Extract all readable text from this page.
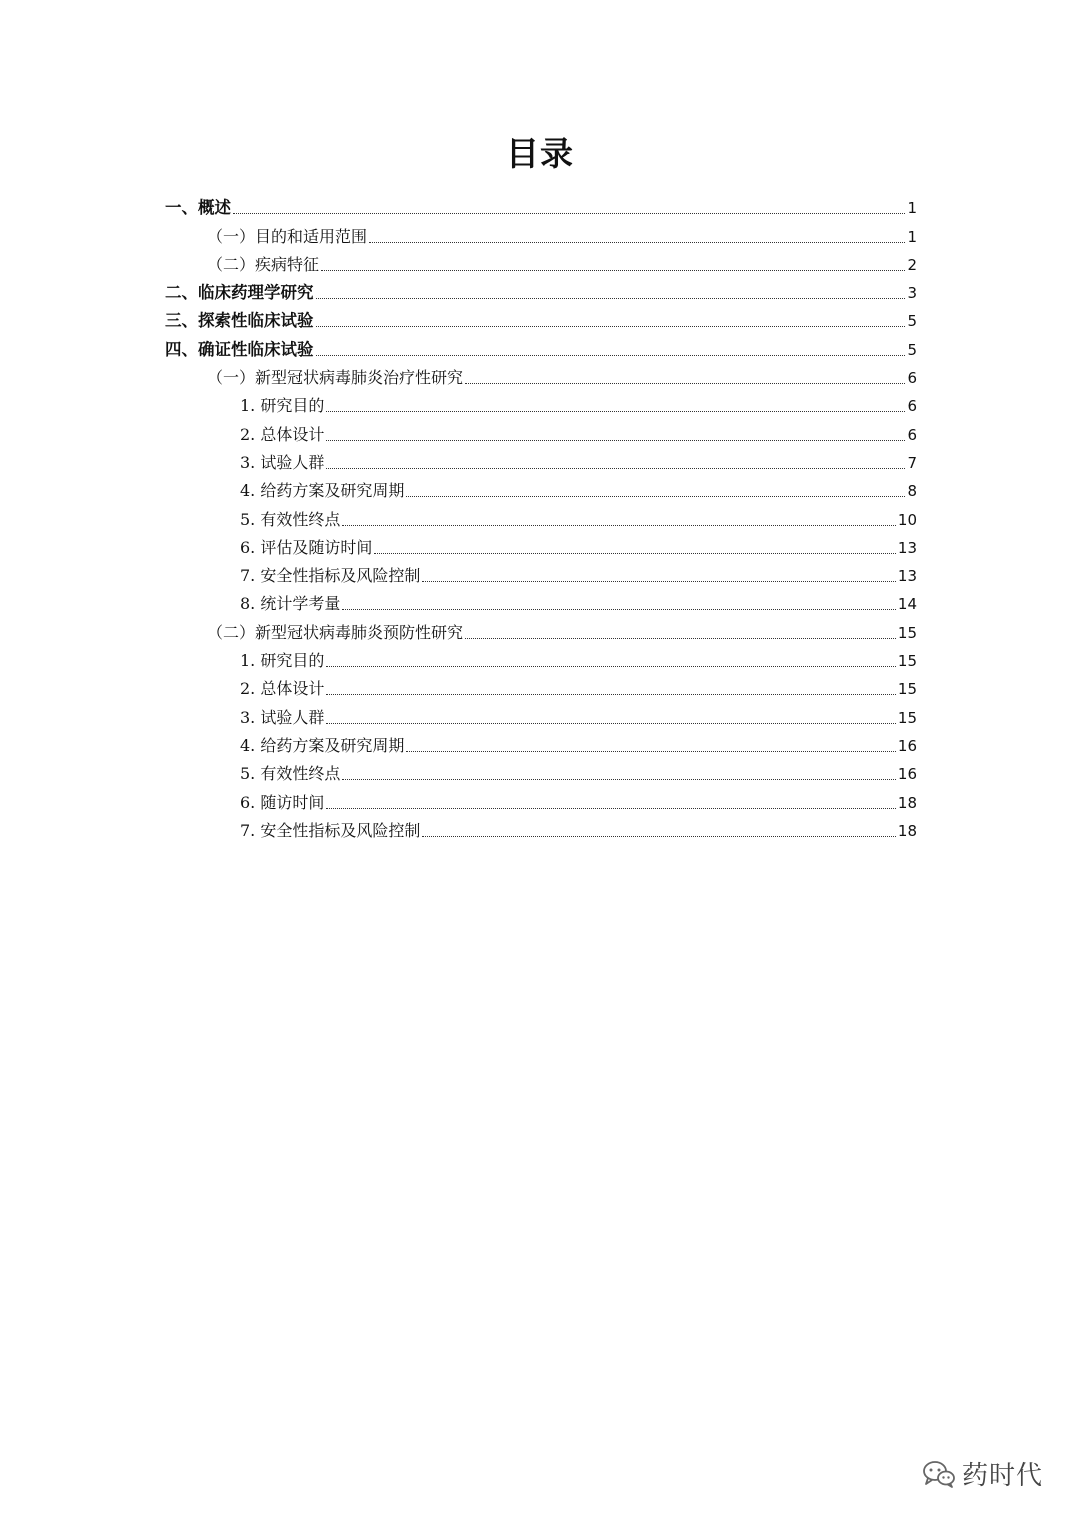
目录
一、概述	1
（一）目的和适用范围	1
（二）疾病特征	2
二、临床药理学研究	3
三、探索性临床试验	5
四、确证性临床试验	5
（一）新型冠状病毒肺炎治疗性研究	6
1. 研究目的	6
2. 总体设计	6
3. 试验人群	7
4. 给药方案及研究周期	8
5. 有效性终点	10
6. 评估及随访时间	13
7. 安全性指标及风险控制	13
8. 统计学考量	14
（二）新型冠状病毒肺炎预防性研究	15
1. 研究目的	15
2. 总体设计	15
3. 试验人群	15
4. 给药方案及研究周期	16
5. 有效性终点	16
6. 随访时间	18
7. 安全性指标及风险控制	18
药时代
